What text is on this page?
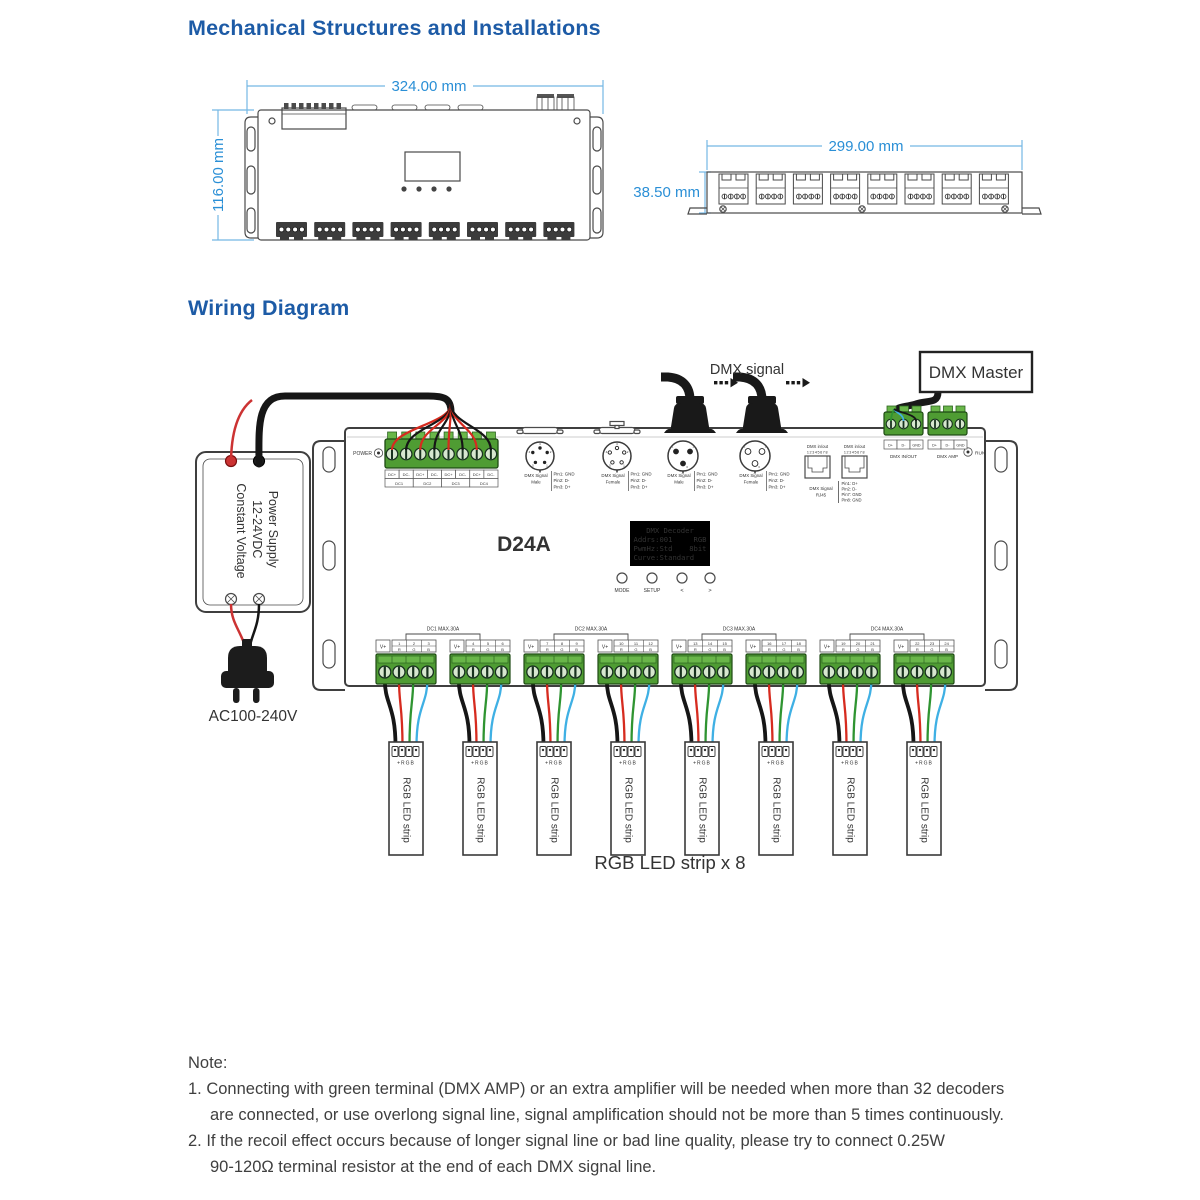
Mechanical Structures and Installations
Wiring Diagram
324.00 mm
116.00 mm	299.00 mm
38.50 mm
Power Supply 12-24VDC Constant Voltage
AC100-240V
DMX signal	DMX Master
POWER	RUN
DC+ DC- DC+ DC- DC+ DC- DC+ DC-
DC1	DC2	DC3	DC4
3
4	2
5	1
DMX Signal
Male
Pin1: GND
Pin2: D-
Pin3: D+
3
4	2
5	1
DMX Signal
Female
Pin1: GND
Pin2: D-
Pin3: D+
1	2
3
DMX Signal
Male
Pin1: GND
Pin2: D-
Pin3: D+
2	1
3
DMX Signal
Female
Pin1: GND
Pin2: D-
Pin3: D+
D+ D- GND
DMX IN/OUT
D+ D- GND
DMX AMP
DMX in/out	DMX in/out
12345678	12345678
DMX Signal
RJ45
Pin1: D+
Pin2: D-
Pin7: GND
Pin8: GND
D24A
DMX Decoder
Addrs:001	RGB
PwmHz:Std 8bit
Curve:Standard
MODE	SETUP	<	>
DC1 MAX.30A	DC2 MAX.30A	DC3 MAX.30A	DC4 MAX.30A
V+
1
R
2
G
3
B
+RGB
RGB LED strip
V+
4
R
5
G
6
B
+RGB
RGB LED strip
V+
7
R
8
G
9
B
+RGB
RGB LED strip
V+
10
R
11
G
12
B
+RGB
RGB LED strip
V+
13
R
14
G
15
B
+RGB
RGB LED strip
V+
16
R
17
G
18
B
+RGB
RGB LED strip
V+
19
R
20
G
21
B
+RGB
RGB LED strip
V+
22
R
23
G
24
B
+RGB
RGB LED strip
RGB LED strip x 8
Note:
1. Connecting with green terminal (DMX AMP) or an extra amplifier will be needed when more than 32 decoders
are connected, or use overlong signal line, signal amplification should not be more than 5 times continuously.
2. If the recoil effect occurs because of longer signal line or bad line quality, please try to connect 0.25W
90-120Ω terminal resistor at the end of each DMX signal line.
